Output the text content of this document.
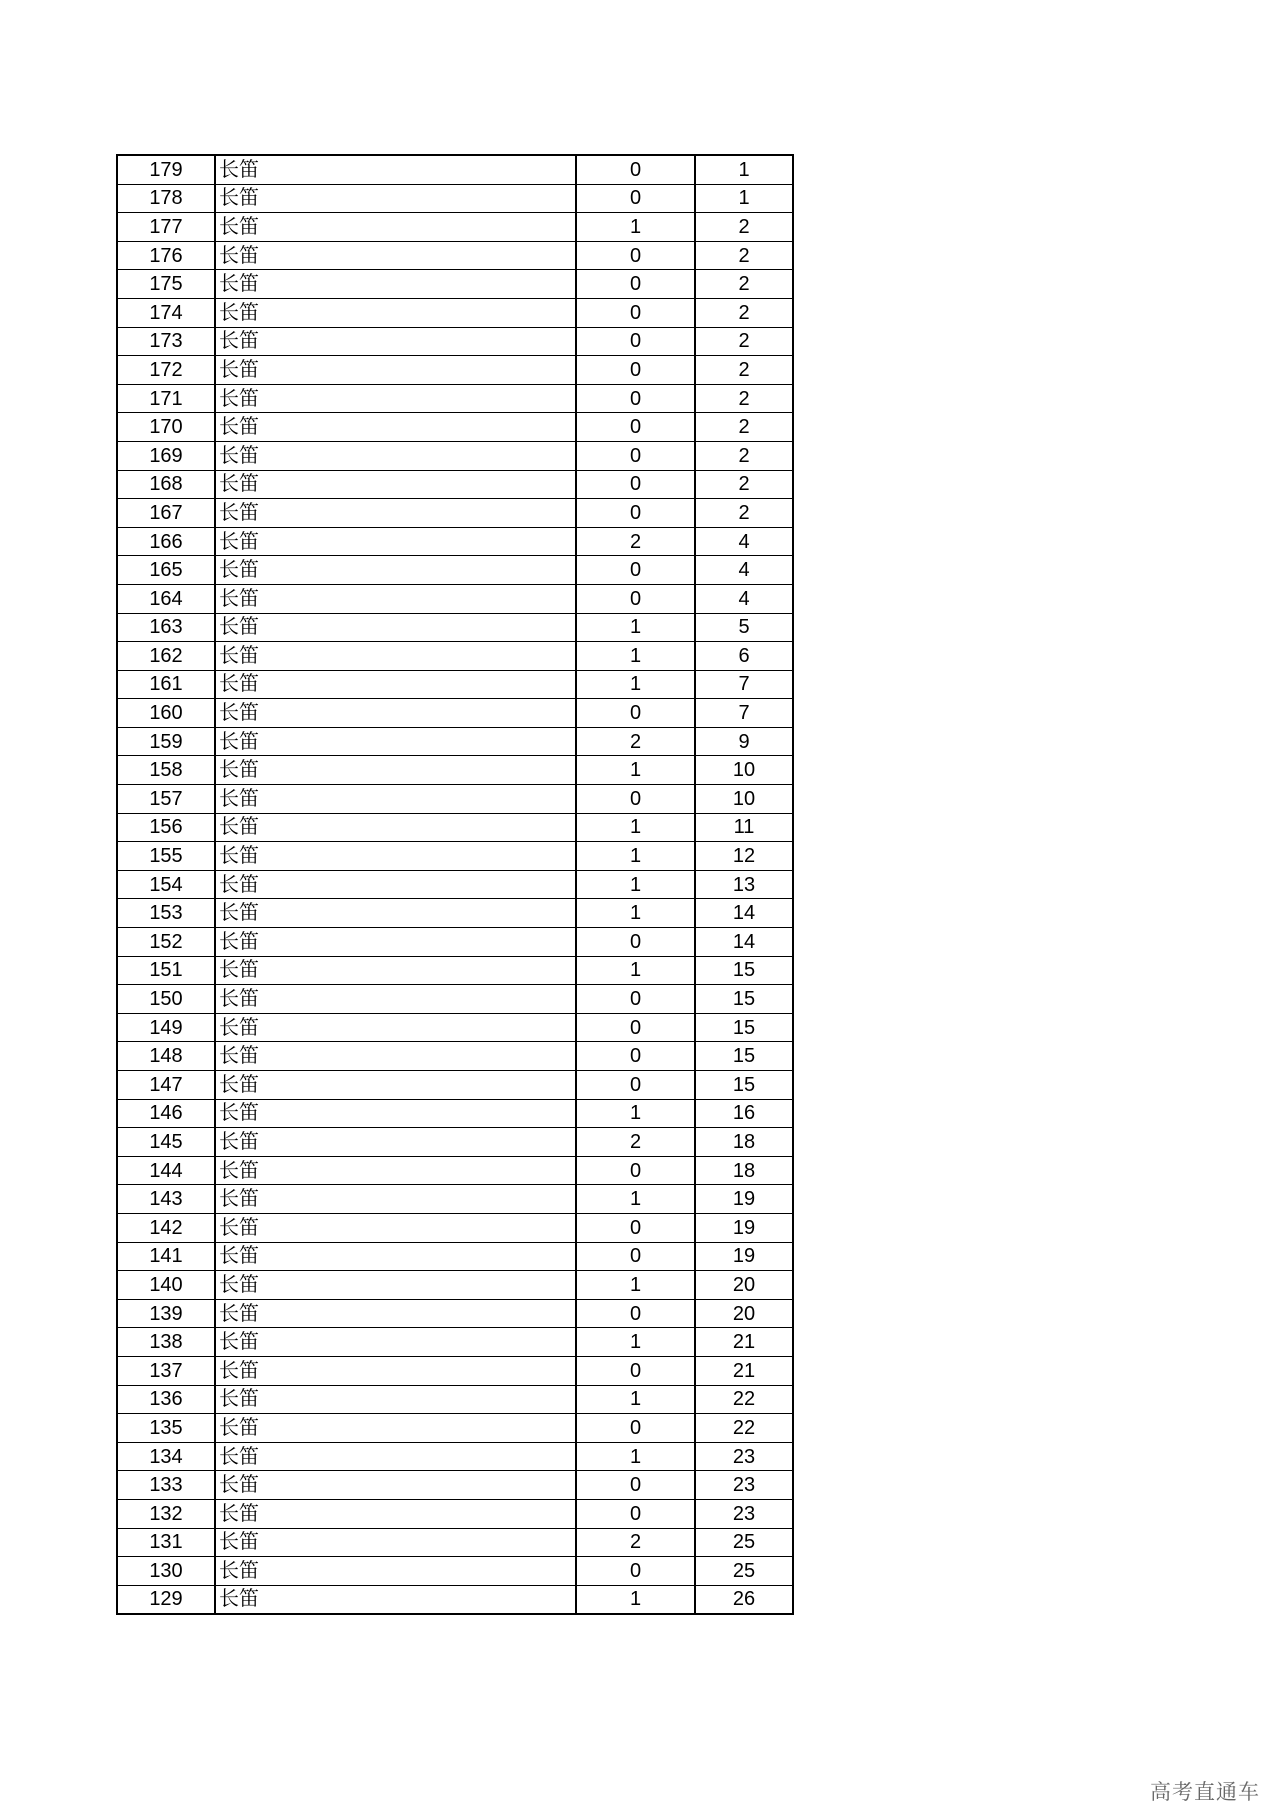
179	长笛	0	1
178	长笛	0	1
177	长笛	1	2
176	长笛	0	2
175	长笛	0	2
174	长笛	0	2
173	长笛	0	2
172	长笛	0	2
171	长笛	0	2
170	长笛	0	2
169	长笛	0	2
168	长笛	0	2
167	长笛	0	2
166	长笛	2	4
165	长笛	0	4
164	长笛	0	4
163	长笛	1	5
162	长笛	1	6
161	长笛	1	7
160	长笛	0	7
159	长笛	2	9
158	长笛	1	10
157	长笛	0	10
156	长笛	1	11
155	长笛	1	12
154	长笛	1	13
153	长笛	1	14
152	长笛	0	14
151	长笛	1	15
150	长笛	0	15
149	长笛	0	15
148	长笛	0	15
147	长笛	0	15
146	长笛	1	16
145	长笛	2	18
144	长笛	0	18
143	长笛	1	19
142	长笛	0	19
141	长笛	0	19
140	长笛	1	20
139	长笛	0	20
138	长笛	1	21
137	长笛	0	21
136	长笛	1	22
135	长笛	0	22
134	长笛	1	23
133	长笛	0	23
132	长笛	0	23
131	长笛	2	25
130	长笛	0	25
129	长笛	1	26
高考直通车
